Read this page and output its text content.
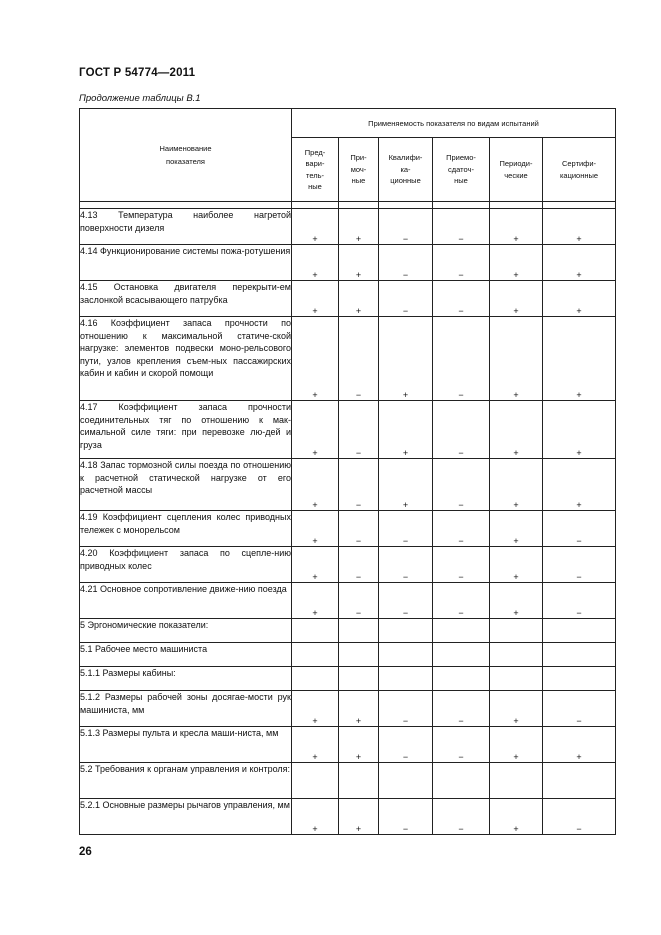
ГОСТ Р 54774—2011
Продолжение таблицы В.1
Наименование
показателя	Применяемость показателя по видам испытаний					
	Пред-
вари-
тель-
ные	При-
моч-
ные	Квалифи-
ка-
ционные	Приемо-
сдаточ-
ные	Периоди-
ческие	Сертифи-
кационные

4.13 Температура наиболее нагретой поверхности дизеля	+	+	−	−	+	+
4.14 Функционирование системы пожа-ротушения	+	+	−	−	+	+
4.15 Остановка двигателя перекрыти-ем заслонкой всасывающего патрубка	+	+	−	−	+	+
4.16 Коэффициент запаса прочности по отношению к максимальной статиче-ской нагрузке: элементов подвески моно-рельсового пути, узлов крепления съем-ных пассажирских кабин и кабин и скорой помощи	+	−	+	−	+	+
4.17 Коэффициент запаса прочности соединительных тяг по отношению к мак-симальной силе тяги: при перевозке лю-дей и груза	+	−	+	−	+	+
4.18 Запас тормозной силы поезда по отношению к расчетной статической нагрузке от его расчетной массы	+	−	+	−	+	+
4.19 Коэффициент сцепления колес приводных тележек с монорельсом	+	−	−	−	+	−
4.20 Коэффициент запаса по сцепле-нию приводных колес	+	−	−	−	+	−
4.21 Основное сопротивление движе-нию поезда	+	−	−	−	+	−
5 Эргономические показатели:						
5.1 Рабочее место машиниста						
5.1.1 Размеры кабины:						
5.1.2 Размеры рабочей зоны досягае-мости рук машиниста, мм	+	+	−	−	+	−
5.1.3 Размеры пульта и кресла маши-ниста, мм	+	+	−	−	+	+
5.2 Требования к органам управления и контроля:						
5.2.1 Основные размеры рычагов управления, мм	+	+	−	−	+	−
26
